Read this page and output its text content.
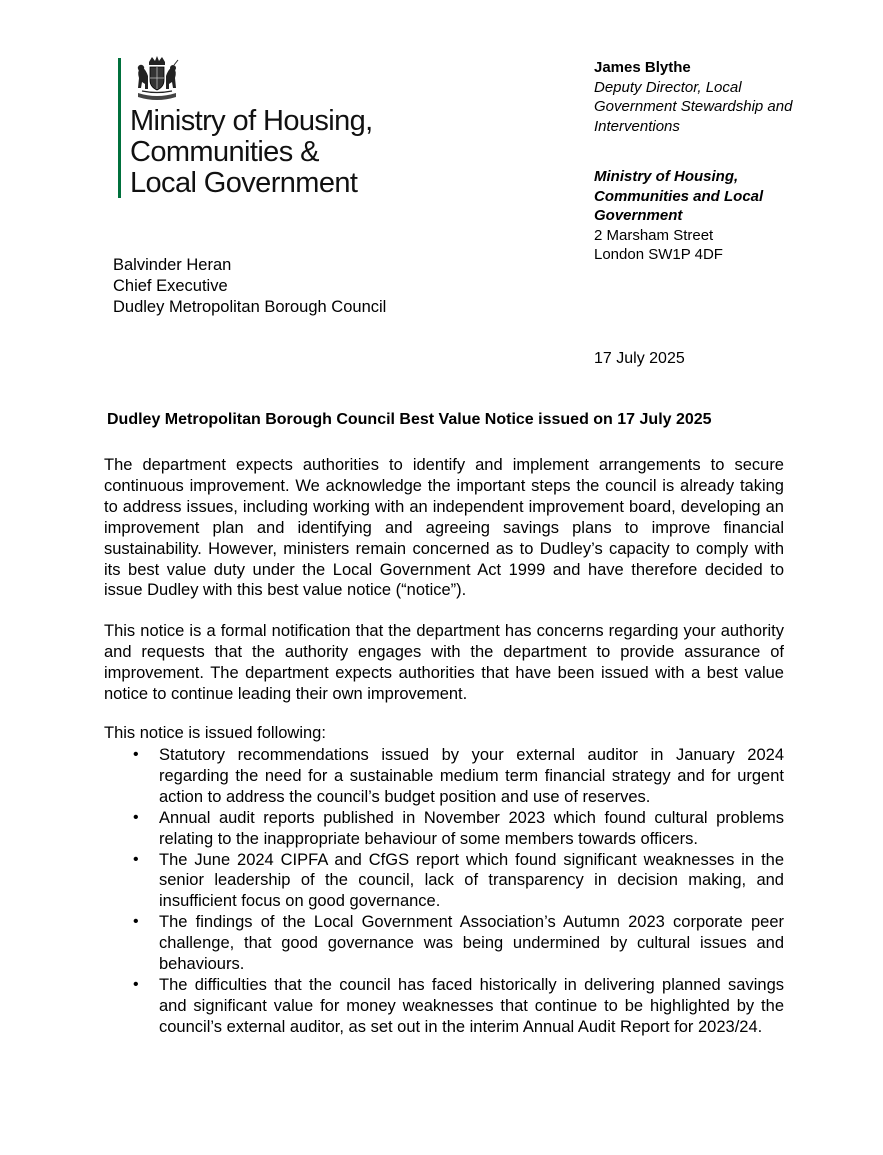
Ministry of Housing,
Communities &
Local Government
James Blythe
Deputy Director, Local
Government Stewardship and
Interventions
Ministry of Housing,
Communities and Local
Government
2 Marsham Street
London SW1P 4DF
Balvinder Heran
Chief Executive
Dudley Metropolitan Borough Council
17 July 2025
Dudley Metropolitan Borough Council Best Value Notice issued on 17 July 2025
The department expects authorities to identify and implement arrangements to secure continuous improvement. We acknowledge the important steps the council is already taking to address issues, including working with an independent improvement board, developing an improvement plan and identifying and agreeing savings plans to improve financial sustainability. However, ministers remain concerned as to Dudley’s capacity to comply with its best value duty under the Local Government Act 1999 and have therefore decided to issue Dudley with this best value notice (“notice”).
This notice is a formal notification that the department has concerns regarding your authority and requests that the authority engages with the department to provide assurance of improvement. The department expects authorities that have been issued with a best value notice to continue leading their own improvement.
This notice is issued following:
• Statutory recommendations issued by your external auditor in January 2024 regarding the need for a sustainable medium term financial strategy and for urgent action to address the council’s budget position and use of reserves.
• Annual audit reports published in November 2023 which found cultural problems relating to the inappropriate behaviour of some members towards officers.
• The June 2024 CIPFA and CfGS report which found significant weaknesses in the senior leadership of the council, lack of transparency in decision making, and insufficient focus on good governance.
• The findings of the Local Government Association’s Autumn 2023 corporate peer challenge, that good governance was being undermined by cultural issues and behaviours.
• The difficulties that the council has faced historically in delivering planned savings and significant value for money weaknesses that continue to be highlighted by the council’s external auditor, as set out in the interim Annual Audit Report for 2023/24.
